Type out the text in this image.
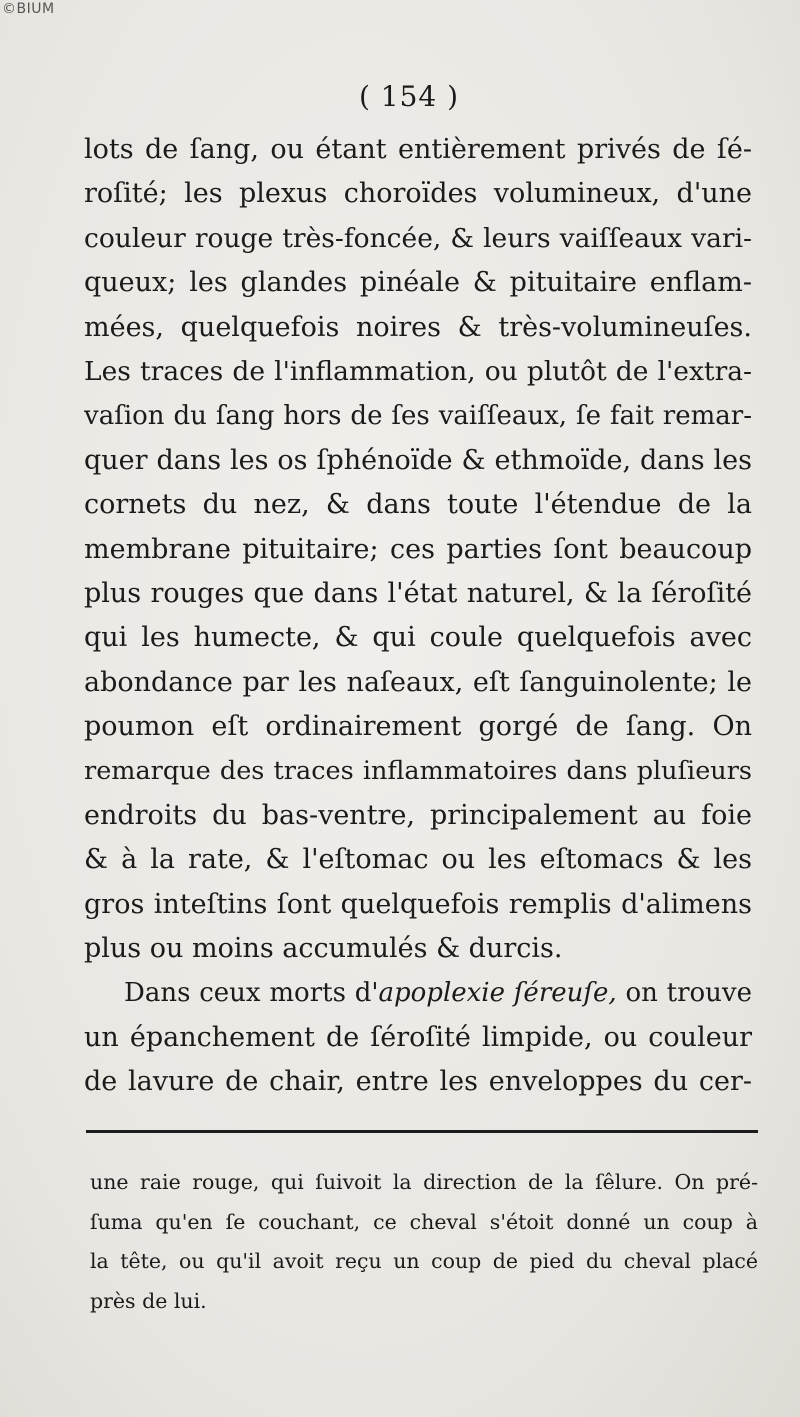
©BIUM
( 154 )
lots de ſang, ou étant entièrement privés de ſé-
roſité; les plexus choroïdes volumineux, d'une
couleur rouge très-foncée, & leurs vaiſſeaux vari-
queux; les glandes pinéale & pituitaire enflam-
mées, quelquefois noires & très-volumineuſes.
Les traces de l'inflammation, ou plutôt de l'extra-
vaſion du ſang hors de ſes vaiſſeaux, ſe fait remar-
quer dans les os ſphénoïde & ethmoïde, dans les
cornets du nez, & dans toute l'étendue de la
membrane pituitaire; ces parties ſont beaucoup
plus rouges que dans l'état naturel, & la ſéroſité
qui les humecte, & qui coule quelquefois avec
abondance par les naſeaux, eſt ſanguinolente; le
poumon eſt ordinairement gorgé de ſang. On
remarque des traces inflammatoires dans pluſieurs
endroits du bas-ventre, principalement au foie
& à la rate, & l'eſtomac ou les eſtomacs & les
gros inteſtins ſont quelquefois remplis d'alimens
plus ou moins accumulés & durcis.
Dans ceux morts d'apoplexie ſéreuſe, on trouve
un épanchement de ſéroſité limpide, ou couleur
de lavure de chair, entre les enveloppes du cer-
une raie rouge, qui ſuivoit la direction de la ſêlure. On pré-
ſuma qu'en ſe couchant, ce cheval s'étoit donné un coup à
la tête, ou qu'il avoit reçu un coup de pied du cheval placé
près de lui.
